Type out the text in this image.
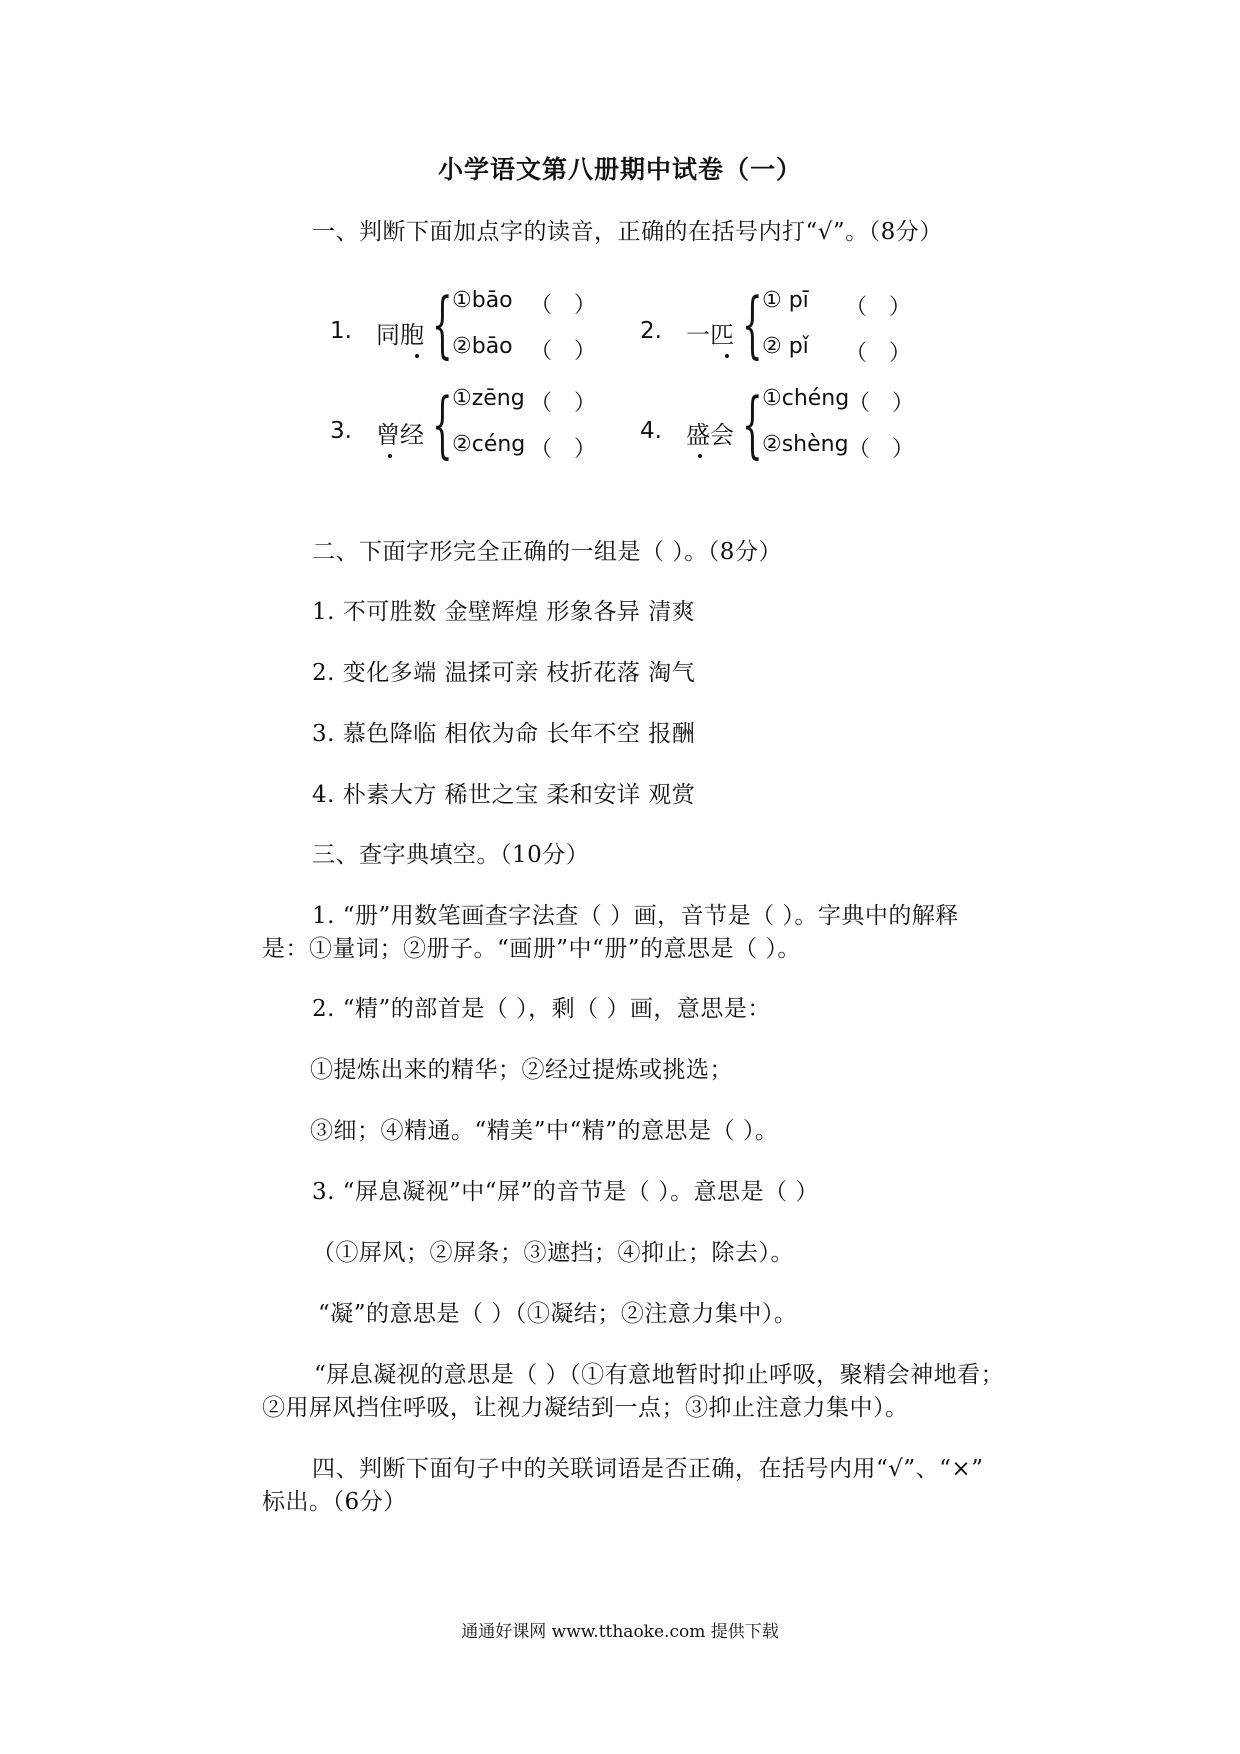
小学语文第八册期中试卷（一）
一、判断下面加点字的读音，正确的在括号内打“√”。（8分）
1. 同胞 { ①bāo （　）
②bāo （　）
2. 一匹 { ① pī （　）
② pǐ （　）
3. 曾经 { ①zēng （　）
②céng （　）
4. 盛会 { ①chéng
（　）
②shèng （　）
二、下面字形完全正确的一组是（ ）。（8分）
1. 不可胜数 金壁辉煌 形象各异 清爽
2. 变化多端 温揉可亲 枝折花落 淘气
3. 慕色降临 相依为命 长年不空 报酬
4. 朴素大方 稀世之宝 柔和安详 观赏
三、查字典填空。（10分）
1. “册”用数笔画查字法查（ ）画，音节是（ ）。字典中的解释
是：①量词；②册子。“画册”中“册”的意思是（ ）。
2. “精”的部首是（ ），剩（ ）画，意思是：
①提炼出来的精华；②经过提炼或挑选；
③细；④精通。“精美”中“精”的意思是（ ）。
3. “屏息凝视”中“屏”的音节是（ ）。意思是（ ）
（①屏风；②屏条；③遮挡；④抑止；除去）。
“凝”的意思是（ ）（①凝结；②注意力集中）。
“屏息凝视的意思是（ ）（①有意地暂时抑止呼吸，聚精会神地看；
②用屏风挡住呼吸，让视力凝结到一点；③抑止注意力集中）。
四、判断下面句子中的关联词语是否正确，在括号内用“√”、“×”
标出。（6分）
通通好课网 www.tthaoke.com 提供下载
